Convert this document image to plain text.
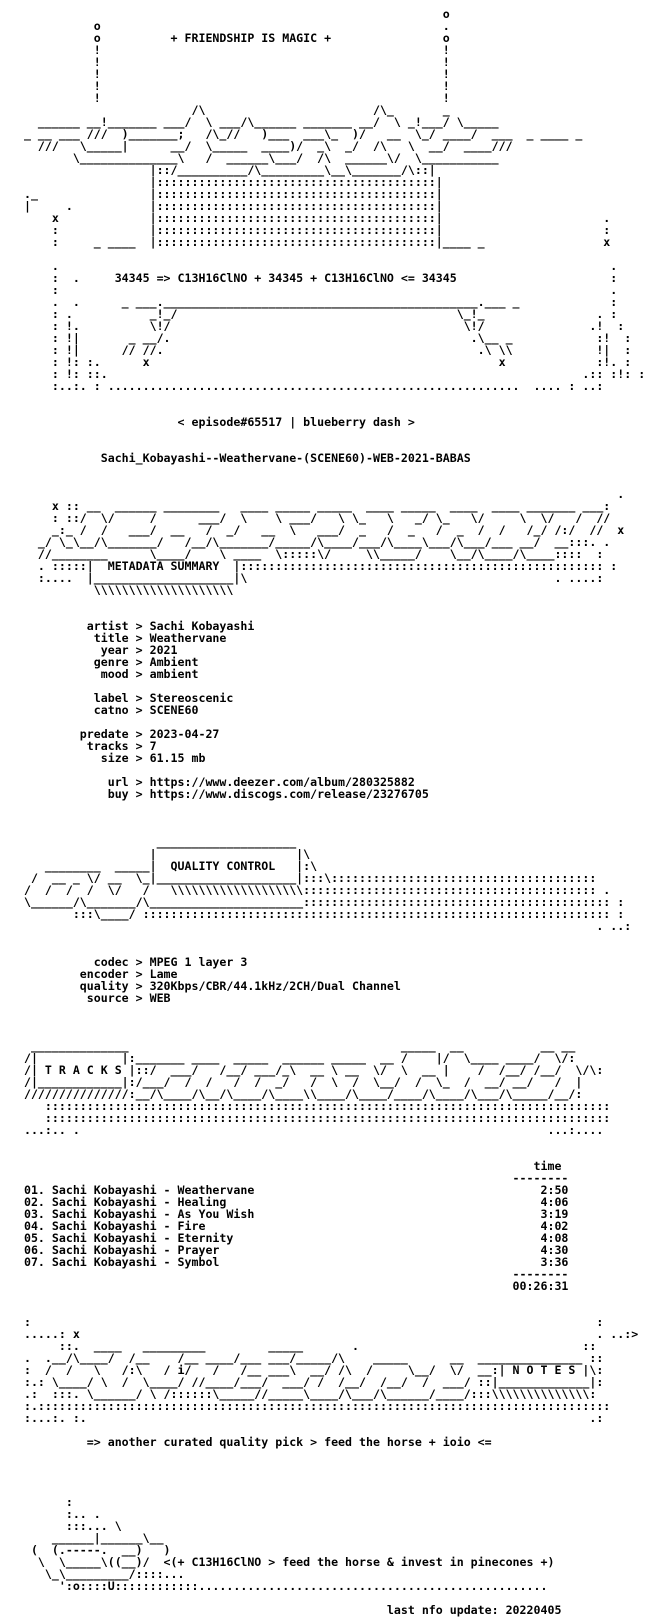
o
o                                                 .
o          + FRIENDSHIP IS MAGIC +                o
!                                                 !
!                                                 !
!                                                 !
!                                                 !
!                                                 !
/\                        /\_       _
______ __!_______ ___/  \ ___/\______ _______ __/  \ _!___/ \_____
_ __ ___ ///  )_______;   /\_//   )___  ___\_  )/   __  \_/ ____/  ___  _ ____ _
///   \_____|      __/  \_____  ____)/  _\  _/  /\   \  __/  ____///
\______________\   /  ______\___/  /\  ______\/  \___________
|::/__________/\_________\__\_______/\::|
|::::::::::::::::::::::::::::::::::::::::|
._                |::::::::::::::::::::::::::::::::::::::::|
|     .           |::::::::::::::::::::::::::::::::::::::::|
x             |::::::::::::::::::::::::::::::::::::::::|                       .
:             |::::::::::::::::::::::::::::::::::::::::|                       :
:     _ ____  |::::::::::::::::::::::::::::::::::::::::|____ _                 x

.                                                                               .
:  .     34345 => C13H16ClNO + 34345 + C13H16ClNO <= 34345                      :
:                                                                               .
.  .      _ ___._____________________________________________.___ _             :
: .           _!_/                                        \_!_                . :
: !.          \!/                                          \!/               .!  :
: !|       _ __/.                                           .\__ _            :!  :
: !|      // //.                                             .\ \\            !|  :
: !: :.      x                                                  x             :!. :
: !: ::.                                                                    .:: :!: :
:..:. : ...........................................................  .... : ..:
< episode#65517 | blueberry dash >
Sachi_Kobayashi--Weathervane-(SCENE60)-WEB-2021-BABAS
.
x :: __  ______ ________   ____ _____ _____  ____ _____  ____  ____ _______ ___:
: ::/  \/     /      ___/  \    \ ___/   \ \_   \   _/ \_   \/     \  \/   /  //
_:_ /  /   ___/  __   /  _/   __  \   ___/  _   /  _   /  _  /  /   /_/ /:/  //  x
_/ \_\__/\_______/   /__/\_______/_____/\____/___/\____\___/\___/___ __/  __:::. .
//________      \____/    \ ____  \:::::\/     \\_____/    \__/\____/\____::::  :
. :::::|  METADATA SUMMARY  |:::::::::::::::::::::::::::::::::::::::::::::::::::: :
:....  |____________________|\                                            . ....:
\\\\\\\\\\\\\\\\\\\\
artist > Sachi Kobayashi
title > Weathervane
year > 2021
genre > Ambient
mood > ambient
label > Stereoscenic
catno > SCENE60
predate > 2023-04-27
tracks > 7
size > 61.15 mb
url > https://www.deezer.com/album/280325882
buy > https://www.discogs.com/release/23276705
____________________
|                    |\
________  _____|  QUALITY CONTROL   |:\
/  __ _ \/ __  \_|____________________|:::\::::::::::::::::::::::::::::::::::::::
/  /  /  /  \/   /   \\\\\\\\\\\\\\\\\\\:::::::::::::::::::::::::::::::::::::::::: .
\______/\_______/\______________________:::::::::::::::::::::::::::::::::::::::::::: :
:::\____/ ::::::::::::::::::::::::::::::::::::::::::::::::::::::::::::::::::: :
. ..:
codec > MPEG 1 layer 3
encoder > Lame
quality > 320Kbps/CBR/44.1kHz/2CH/Dual Channel
source > WEB
______________                                       _____  __           __ __
/|            |:_______ ____  _____  ______ _____  __ /    |/  \____ ____/  \/:
/| T R A C K S |::/  ___/   /__/ ___/_\  __ \ __  \/  \  __ |    /  /__/ /__/  \/\:
/|____________|:/___/  /  /   /  /  _/   /  \  /  \__/  /  \_  /  __/ __/   /  |
///////////////:__/\____/\__/\____/\____\\____/\____/____/\____/\___/\_____/__/:
:::::::::::::::::::::::::::::::::::::::::::::::::::::::::::::::::::::::::::::::::
:::::::::::::::::::::::::::::::::::::::::::::::::::::::::::::::::::::::::::::::::
...:.. .                                                                   ...:....
time
--------
01. Sachi Kobayashi - Weathervane                                         2:50
02. Sachi Kobayashi - Healing                                             4:06
03. Sachi Kobayashi - As You Wish                                         3:19
04. Sachi Kobayashi - Fire                                                4:02
05. Sachi Kobayashi - Eternity                                            4:08
06. Sachi Kobayashi - Prayer                                              4:30
07. Sachi Kobayashi - Symbol                                              3:36
--------
00:26:31
:                                                                                 :
.....: x                                                                          . ..:>
::.  ____   _________         _____       .                                ::
.  .__/\____/  /__    /__ ____/___ ___/_____/\    _____      __  _______________ ::
:  /  /   \   /:\   / i/   /   /__ ___\  __/ /\  /     \__/  \/  __:| N O T E S |\:
:.: \____/ \  /  \____/ //____/___/  ___/ /  /__/  /__/  /  ___/ ::|_____________|:
.:  :::. \______/ \ /::::::\_____//_____\____/\___/\______/____/:::\\\\\\\\\\\\\\:
:.::::::::::::::::::::::::::::::::::::::::::::::::::::::::::::::::::::::::::::::::::
:...:. :.                                                                        .:
=> another curated quality pick > feed the horse + ioio <=
:
:.. .
:::... \
______|______\__
(  (.-----.  __)   )
\  \_____\((__)/  <(+ C13H16ClNO > feed the horse & invest in pinecones +)
\_\_________/::::...
':o::::U::::::::::::..................................................
last nfo update: 20220405
